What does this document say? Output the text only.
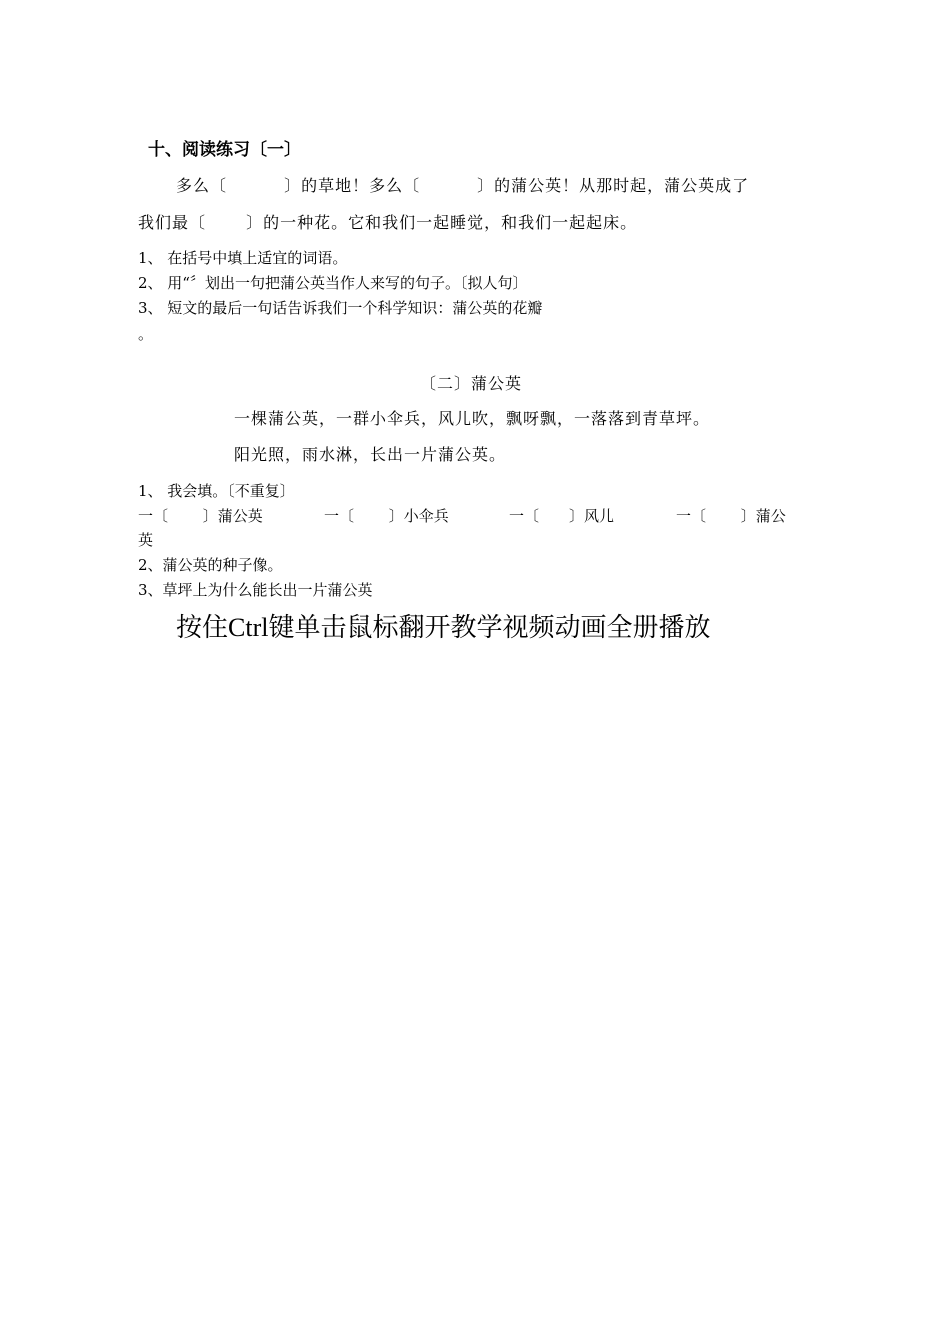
十、阅读练习〔一〕
多么〔　　　 〕的草地！多么〔　　　 〕的蒲公英！从那时起，蒲公英成了
我们最〔　　 〕的一种花。它和我们一起睡觉，和我们一起起床。
1、 在括号中填上适宜的词语。
2、 用“〞划出一句把蒲公英当作人来写的句子。〔拟人句〕
3、 短文的最后一句话告诉我们一个科学知识：蒲公英的花瓣
。
〔二〕蒲公英
一棵蒲公英，一群小伞兵，风儿吹，飘呀飘，一落落到青草坪。
阳光照，雨水淋，长出一片蒲公英。
1、 我会填。〔不重复〕
一〔　　 〕蒲公英	一〔　　 〕小伞兵	一〔　　〕风儿	一〔　　 〕蒲公
英
2、蒲公英的种子像。
3、草坪上为什么能长出一片蒲公英
按住Ctrl键单击鼠标翻开教学视频动画全册播放
